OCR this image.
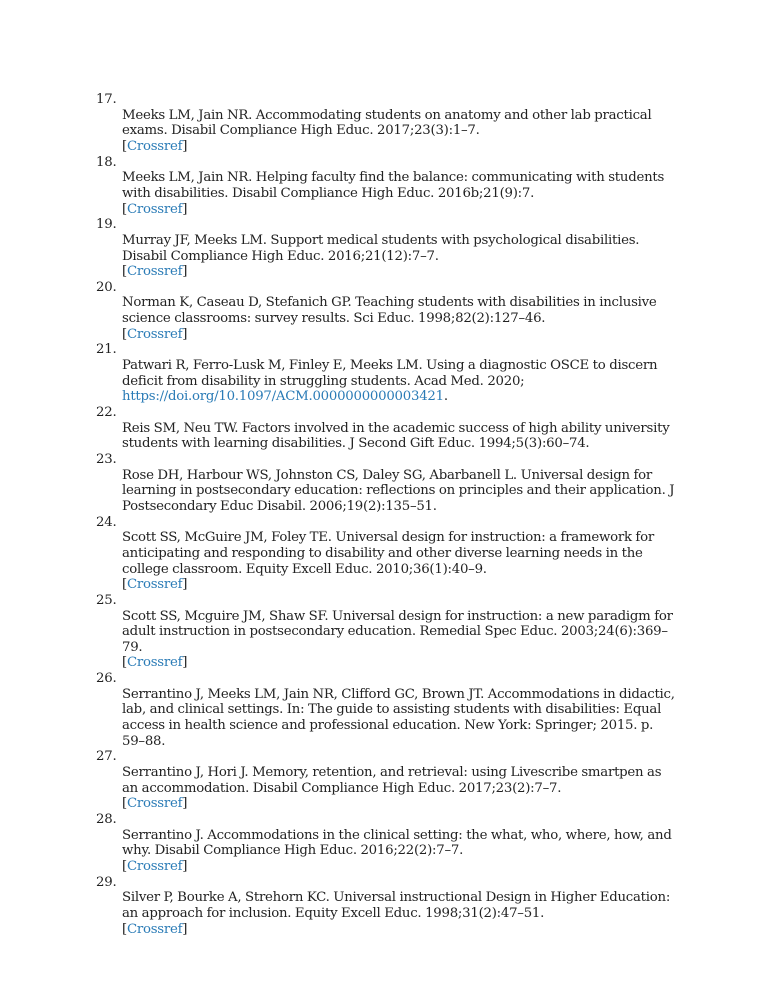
17.
Meeks LM, Jain NR. Accommodating students on anatomy and other lab practical exams. Disabil Compliance High Educ. 2017;23(3):1–7.
[Crossref]
18.
Meeks LM, Jain NR. Helping faculty find the balance: communicating with students with disabilities. Disabil Compliance High Educ. 2016b;21(9):7.
[Crossref]
19.
Murray JF, Meeks LM. Support medical students with psychological disabilities. Disabil Compliance High Educ. 2016;21(12):7–7.
[Crossref]
20.
Norman K, Caseau D, Stefanich GP. Teaching students with disabilities in inclusive science classrooms: survey results. Sci Educ. 1998;82(2):127–46.
[Crossref]
21.
Patwari R, Ferro-Lusk M, Finley E, Meeks LM. Using a diagnostic OSCE to discern deficit from disability in struggling students. Acad Med. 2020; https://doi.org/10.1097/ACM.0000000000003421.
22.
Reis SM, Neu TW. Factors involved in the academic success of high ability university students with learning disabilities. J Second Gift Educ. 1994;5(3):60–74.
23.
Rose DH, Harbour WS, Johnston CS, Daley SG, Abarbanell L. Universal design for learning in postsecondary education: reflections on principles and their application. J Postsecondary Educ Disabil. 2006;19(2):135–51.
24.
Scott SS, McGuire JM, Foley TE. Universal design for instruction: a framework for anticipating and responding to disability and other diverse learning needs in the college classroom. Equity Excell Educ. 2010;36(1):40–9.
[Crossref]
25.
Scott SS, Mcguire JM, Shaw SF. Universal design for instruction: a new paradigm for adult instruction in postsecondary education. Remedial Spec Educ. 2003;24(6):369–79.
[Crossref]
26.
Serrantino J, Meeks LM, Jain NR, Clifford GC, Brown JT. Accommodations in didactic, lab, and clinical settings. In: The guide to assisting students with disabilities: Equal access in health science and professional education. New York: Springer; 2015. p. 59–88.
27.
Serrantino J, Hori J. Memory, retention, and retrieval: using Livescribe smartpen as an accommodation. Disabil Compliance High Educ. 2017;23(2):7–7.
[Crossref]
28.
Serrantino J. Accommodations in the clinical setting: the what, who, where, how, and why. Disabil Compliance High Educ. 2016;22(2):7–7.
[Crossref]
29.
Silver P, Bourke A, Strehorn KC. Universal instructional Design in Higher Education: an approach for inclusion. Equity Excell Educ. 1998;31(2):47–51.
[Crossref]
